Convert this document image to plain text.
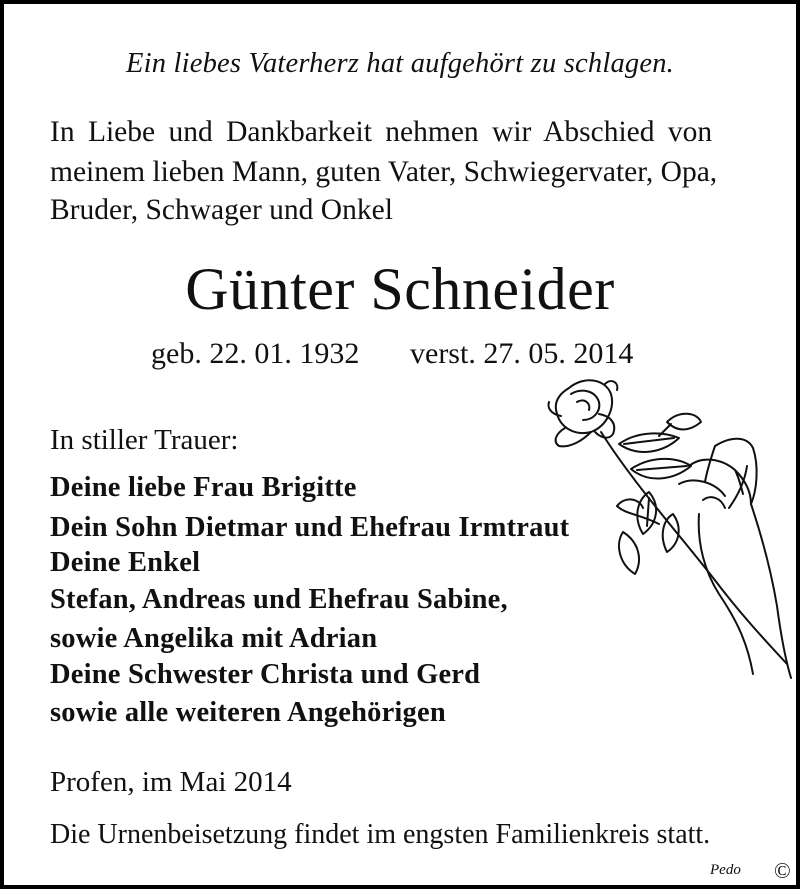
Ein liebes Vaterherz hat aufgehört zu schlagen.
In Liebe und Dankbarkeit nehmen wir Abschied von
meinem lieben Mann, guten Vater, Schwiegervater, Opa,
Bruder, Schwager und Onkel
Günter Schneider
geb. 22. 01. 1932 verst. 27. 05. 2014
In stiller Trauer:
Deine liebe Frau Brigitte
Dein Sohn Dietmar und Ehefrau Irmtraut
Deine Enkel
Stefan, Andreas und Ehefrau Sabine,
sowie Angelika mit Adrian
Deine Schwester Christa und Gerd
sowie alle weiteren Angehörigen
Profen, im Mai 2014
Die Urnenbeisetzung findet im engsten Familienkreis statt.
Pedo ©
